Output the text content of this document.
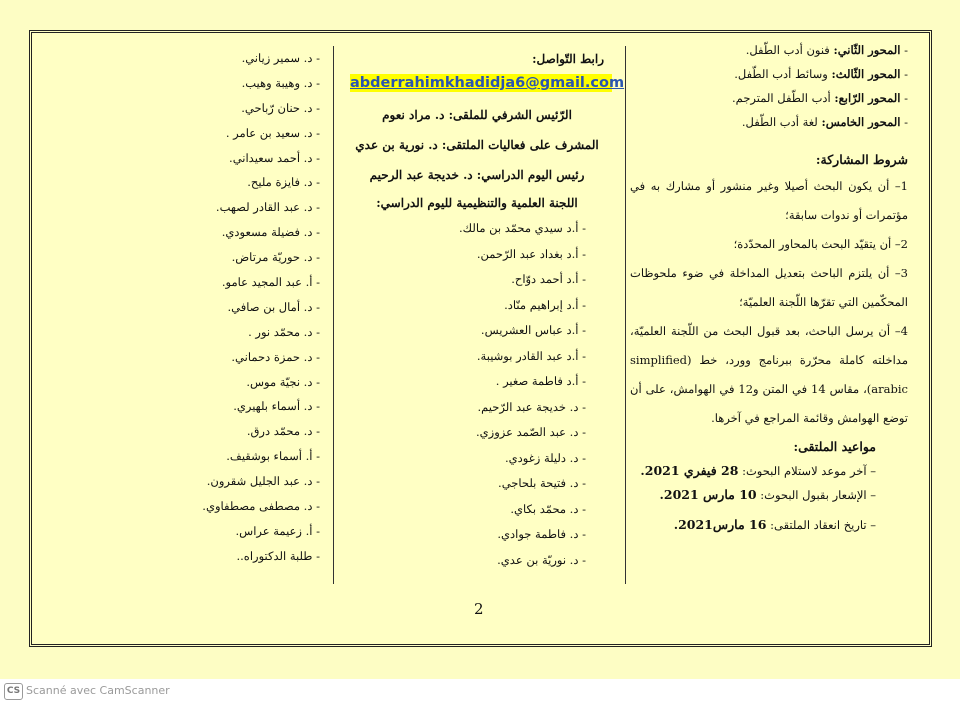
- المحور الثّاني: فنون أدب الطّفل.
- المحور الثّالث: وسائط أدب الطّفل.
- المحور الرّابع: أدب الطّفل المترجم.
- المحور الخامس: لغة أدب الطّفل.
شروط المشاركة:
1– أن يكون البحث أصيلا وغير منشور أو مشارك به في مؤتمرات أو ندوات سابقة؛
2– أن يتقيّد البحث بالمحاور المحدّدة؛
3– أن يلتزم الباحث بتعديل المداخلة في ضوء ملحوظات المحكّمين التي تقرّها اللّجنة العلميّة؛
4– أن يرسل الباحث، بعد قبول البحث من اللّجنة العلميّة، مداخلته كاملة محرّرة ببرنامج وورد، خط (simplified arabic)، مقاس 14 في المتن و12 في الهوامش، على أن توضع الهوامش وقائمة المراجع في آخرها.
مواعيد الملتقى:
– آخر موعد لاستلام البحوث: 28 فيفري 2021.
– الإشعار بقبول البحوث: 10 مارس 2021.
– تاريخ انعقاد الملتقى: 16 مارس2021.
رابط التّواصل:
abderrahimkhadidja6@gmail.com
الرّئيس الشرفي للملقى: د. مراد نعوم
المشرف على فعاليات الملتقى: د. نورية بن عدي
رئيس اليوم الدراسي: د. خديجة عبد الرحيم
اللجنة العلمية والتنظيمية لليوم الدراسي:
- أ.د سيدي محمّد بن مالك.
- أ.د بغداد عبد الرّحمن.
- أ.د أحمد دوّاح.
- أ.د إبراهيم منّاد.
- أ.د عباس العشريس.
- أ.د عبد القادر بوشيبة.
- أ.د فاطمة صغير .
- د. خديجة عبد الرّحيم.
- د. عبد الصّمد عزوزي.
- د. دليلة زغودي.
- د. فتيحة بلحاجي.
- د. محمّد بكاي.
- د. فاطمة جوادي.
- د. نوريّة بن عدي.
- د. سمير زياني.
- د. وهيبة وهيب.
- د. حنان رّباحي.
- د. سعيد بن عامر .
- د. أحمد سعيداني.
- د. فايزة مليح.
- د. عبد القادر لصهب.
- د. فضيلة مسعودي.
- د. حوريّة مرتاض.
- أ. عبد المجيد عامو.
- د. أمال بن صافي.
- د. محمّد نور .
- د. حمزة دحماني.
- د. نجيّة موس.
- د. أسماء بلهيري.
- د. محمّد درق.
- أ. أسماء بوشقيف.
- د. عبد الجليل شقرون.
- د. مصطفى مصطفاوي.
- أ. زعيمة عراس.
- طلبة الدكتوراه..
2
CS Scanné avec CamScanner
